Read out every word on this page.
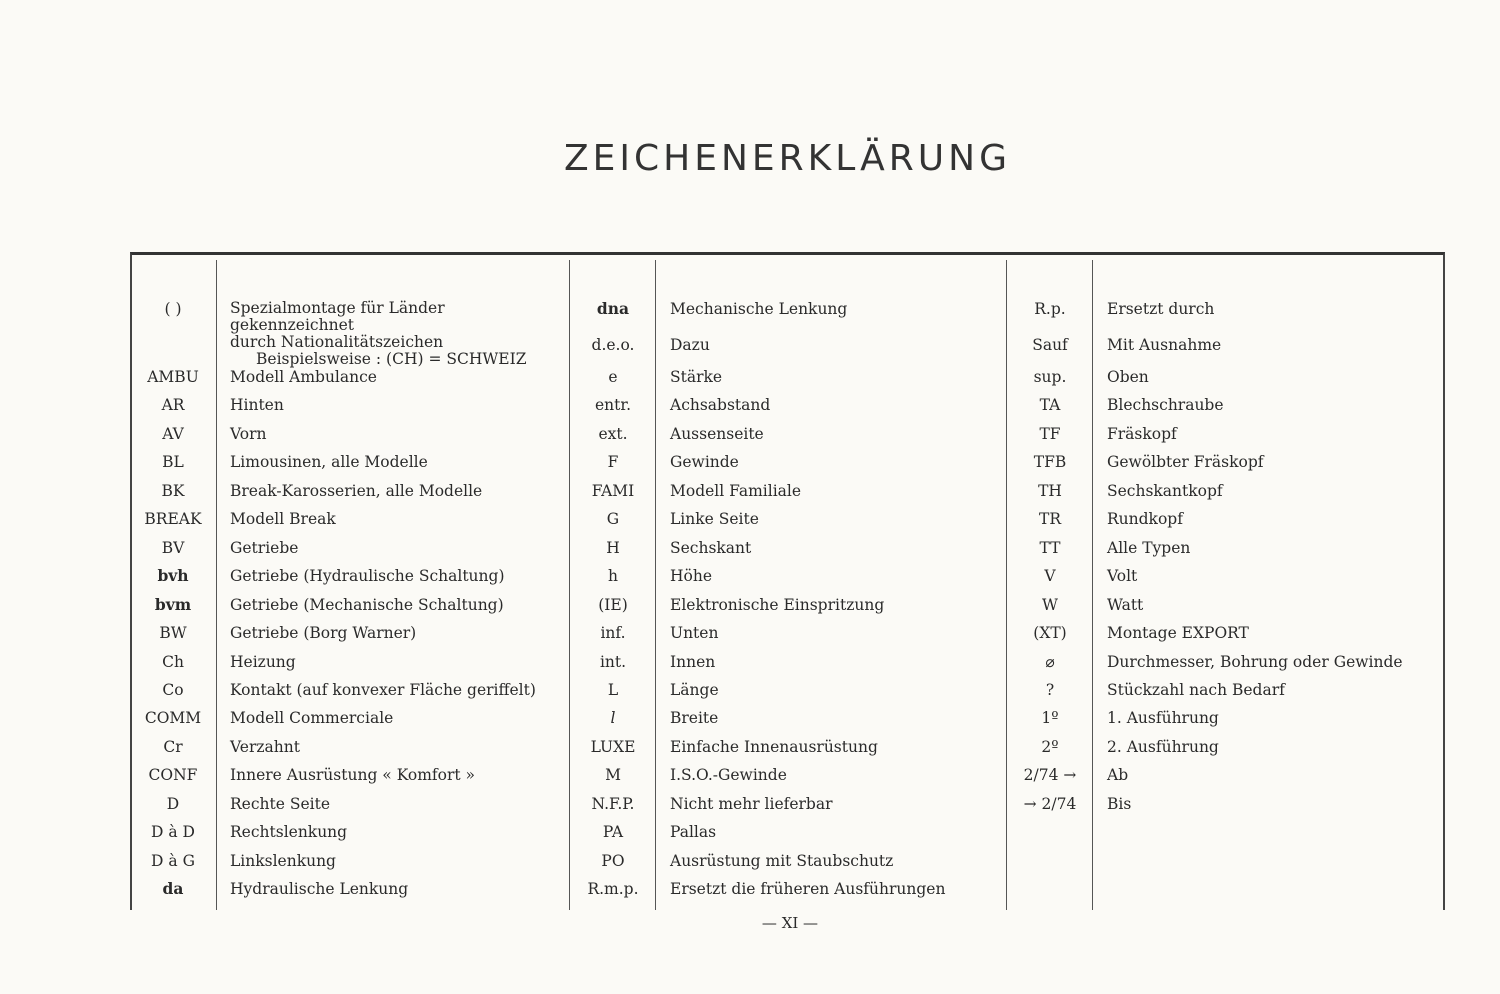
ZEICHENERKLÄRUNG
( )	Spezialmontage für Länder gekennzeichnet
durch Nationalitätszeichen
Beispielsweise : (CH) = SCHWEIZ
AMBU	Modell Ambulance
AR	Hinten
AV	Vorn
BL	Limousinen, alle Modelle
BK	Break-Karosserien, alle Modelle
BREAK	Modell Break
BV	Getriebe
bvh	Getriebe (Hydraulische Schaltung)
bvm	Getriebe (Mechanische Schaltung)
BW	Getriebe (Borg Warner)
Ch	Heizung
Co	Kontakt (auf konvexer Fläche geriffelt)
COMM	Modell Commerciale
Cr	Verzahnt
CONF	Innere Ausrüstung « Komfort »
D	Rechte Seite
D à D	Rechtslenkung
D à G	Linkslenkung
da	Hydraulische Lenkung
dna	Mechanische Lenkung
d.e.o.	Dazu
e	Stärke
entr.	Achsabstand
ext.	Aussenseite
F	Gewinde
FAMI	Modell Familiale
G	Linke Seite
H	Sechskant
h	Höhe
(IE)	Elektronische Einspritzung
inf.	Unten
int.	Innen
L	Länge
l	Breite
LUXE	Einfache Innenausrüstung
M	I.S.O.-Gewinde
N.F.P.	Nicht mehr lieferbar
PA	Pallas
PO	Ausrüstung mit Staubschutz
R.m.p.	Ersetzt die früheren Ausführungen
R.p.	Ersetzt durch
Sauf	Mit Ausnahme
sup.	Oben
TA	Blechschraube
TF	Fräskopf
TFB	Gewölbter Fräskopf
TH	Sechskantkopf
TR	Rundkopf
TT	Alle Typen
V	Volt
W	Watt
(XT)	Montage EXPORT
⌀	Durchmesser, Bohrung oder Gewinde
?	Stückzahl nach Bedarf
1º	1. Ausführung
2º	2. Ausführung
2/74 →	Ab
→ 2/74	Bis
— XI —
